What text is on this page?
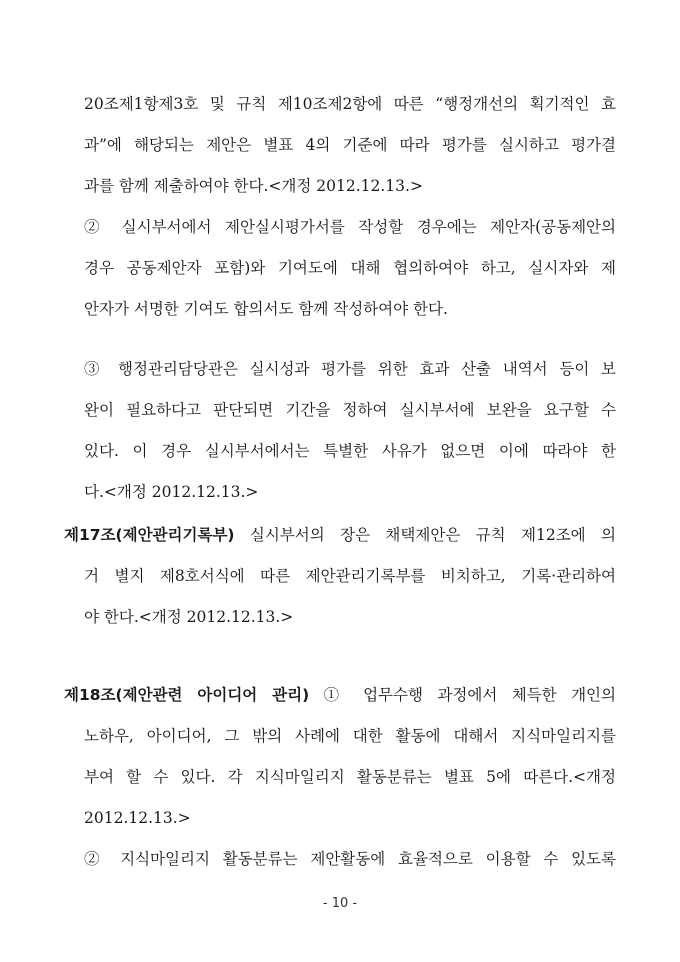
20조제1항제3호 및 규칙 제10조제2항에 따른 “행정개선의 획기적인 효
과”에 해당되는 제안은 별표 4의 기준에 따라 평가를 실시하고 평가결
과를 함께 제출하여야 한다.<개정 2012.12.13.>
② 실시부서에서 제안실시평가서를 작성할 경우에는 제안자(공동제안의
경우 공동제안자 포함)와 기여도에 대해 협의하여야 하고, 실시자와 제
안자가 서명한 기여도 합의서도 함께 작성하여야 한다.
③ 행정관리담당관은 실시성과 평가를 위한 효과 산출 내역서 등이 보
완이 필요하다고 판단되면 기간을 정하여 실시부서에 보완을 요구할 수
있다. 이 경우 실시부서에서는 특별한 사유가 없으면 이에 따라야 한
다.<개정 2012.12.13.>
제17조(제안관리기록부) 실시부서의 장은 채택제안은 규칙 제12조에 의
거 별지 제8호서식에 따른 제안관리기록부를 비치하고, 기록·관리하여
야 한다.<개정 2012.12.13.>
제18조(제안관련 아이디어 관리) ① 업무수행 과정에서 체득한 개인의
노하우, 아이디어, 그 밖의 사례에 대한 활동에 대해서 지식마일리지를
부여 할 수 있다. 각 지식마일리지 활동분류는 별표 5에 따른다.<개정
2012.12.13.>
② 지식마일리지 활동분류는 제안활동에 효율적으로 이용할 수 있도록
- 10 -
